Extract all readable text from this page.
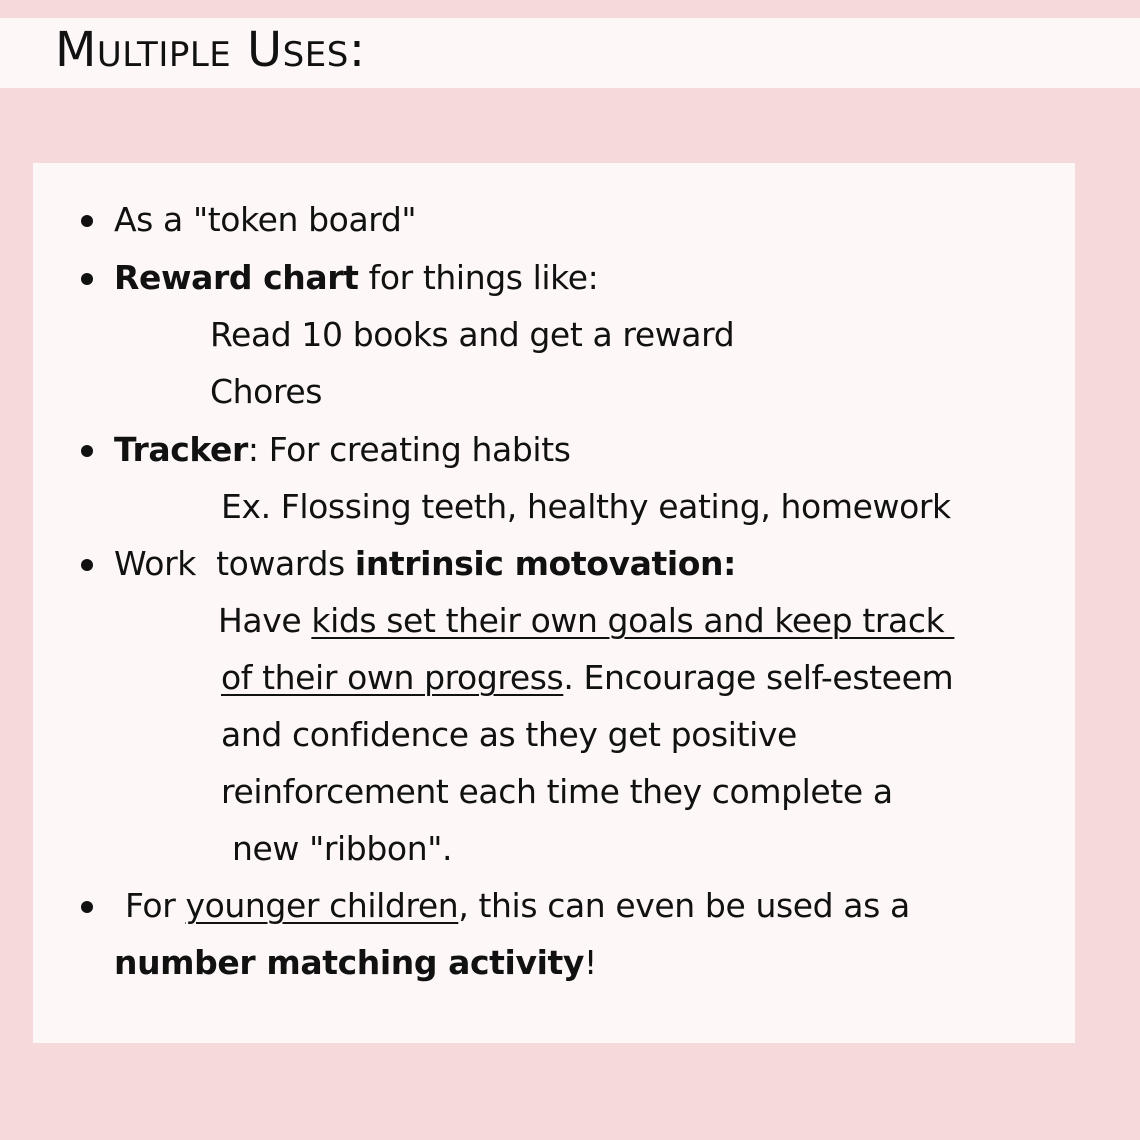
Multiple Uses:
As a "token board"
Reward chart for things like:
Read 10 books and get a reward
Chores
Tracker: For creating habits
Ex. Flossing teeth, healthy eating, homework
Work  towards intrinsic motovation:
Have kids set their own goals and keep track
of their own progress. Encourage self-esteem
and confidence as they get positive
reinforcement each time they complete a
new "ribbon".
For younger children, this can even be used as a
number matching activity!
